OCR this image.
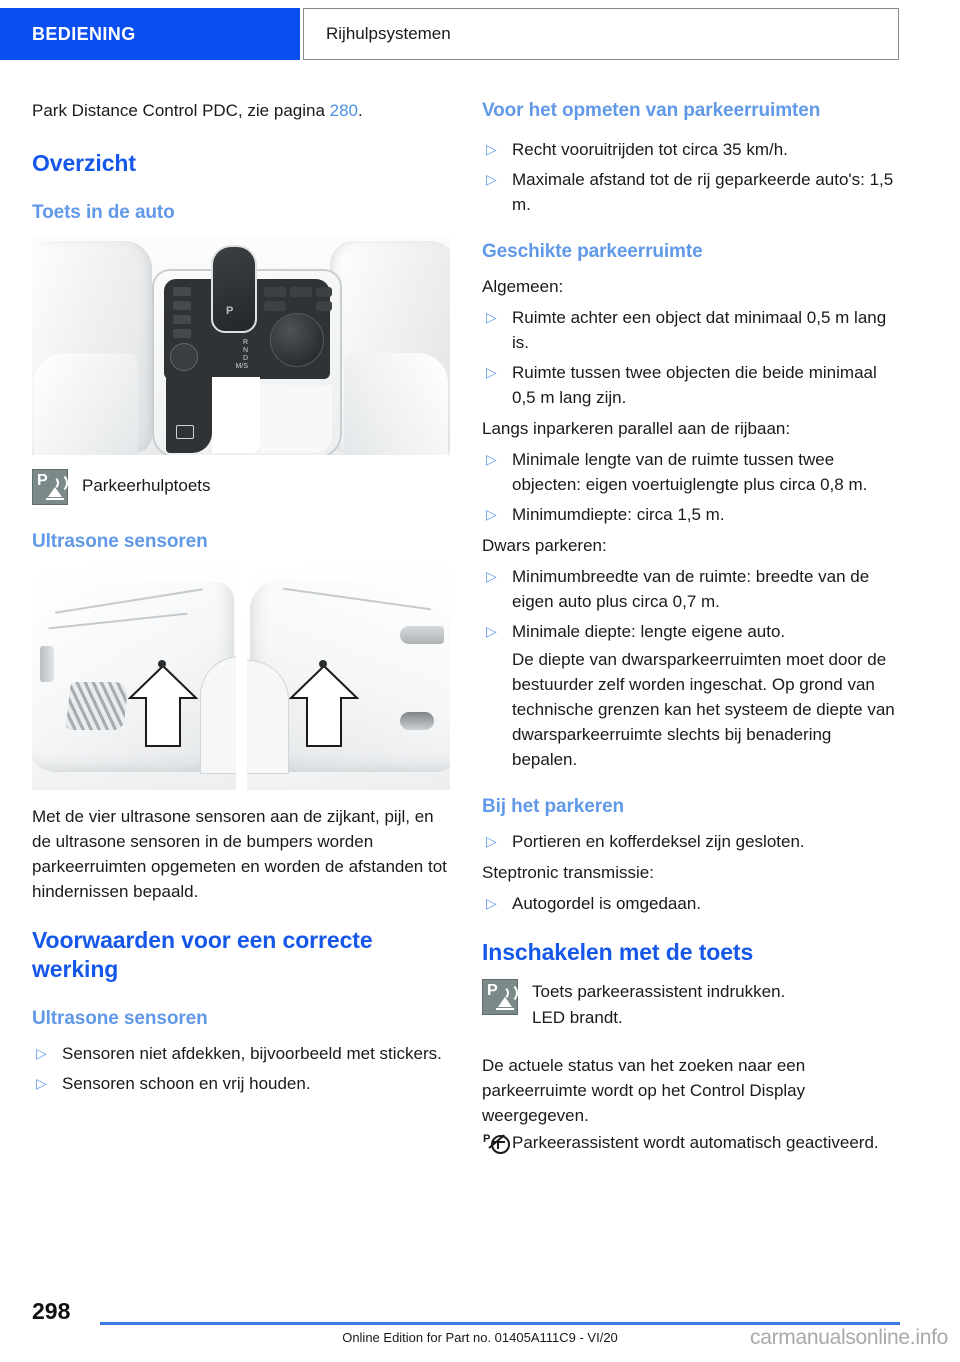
BEDIENING	Rijhulpsystemen

Park Distance Control PDC, zie pagina 280.

Overzicht
Toets in de auto
P
R
N
D
M/S
P Parkeerhulptoets
Ultrasone sensoren

Met de vier ultrasone sensoren aan de zijkant, pijl, en de ultrasone sensoren in de bumpers worden parkeerruimten opgemeten en worden de afstanden tot hindernissen bepaald.

Voorwaarden voor een correcte werking
Ultrasone sensoren
▷ Sensoren niet afdekken, bijvoorbeeld met stickers.
▷ Sensoren schoon en vrij houden.
Voor het opmeten van parkeerruimten
▷ Recht vooruitrijden tot circa 35 km/h.
▷ Maximale afstand tot de rij geparkeerde auto's: 1,5 m.
Geschikte parkeerruimte

Algemeen:

▷ Ruimte achter een object dat minimaal 0,5 m lang is.
▷ Ruimte tussen twee objecten die beide minimaal 0,5 m lang zijn.

Langs inparkeren parallel aan de rijbaan:

▷ Minimale lengte van de ruimte tussen twee objecten: eigen voertuiglengte plus circa 0,8 m.
▷ Minimumdiepte: circa 1,5 m.

Dwars parkeren:

▷ Minimumbreedte van de ruimte: breedte van de eigen auto plus circa 0,7 m.
▷ Minimale diepte: lengte eigene auto.
De diepte van dwarsparkeerruimten moet door de bestuurder zelf worden ingeschat. Op grond van technische grenzen kan het systeem de diepte van dwarsparkeerruimte slechts bij benadering bepalen.
Bij het parkeren
▷ Portieren en kofferdeksel zijn gesloten.

Steptronic transmissie:

▷ Autogordel is omgedaan.
Inschakelen met de toets
P Toets parkeerassistent indrukken.
LED brandt.

De actuele status van het zoeken naar een parkeerruimte wordt op het Control Display weergegeven.

P Parkeerassistent wordt automatisch geactiveerd.

298
Online Edition for Part no. 01405A111C9 - VI/20	carmanualsonline.info
